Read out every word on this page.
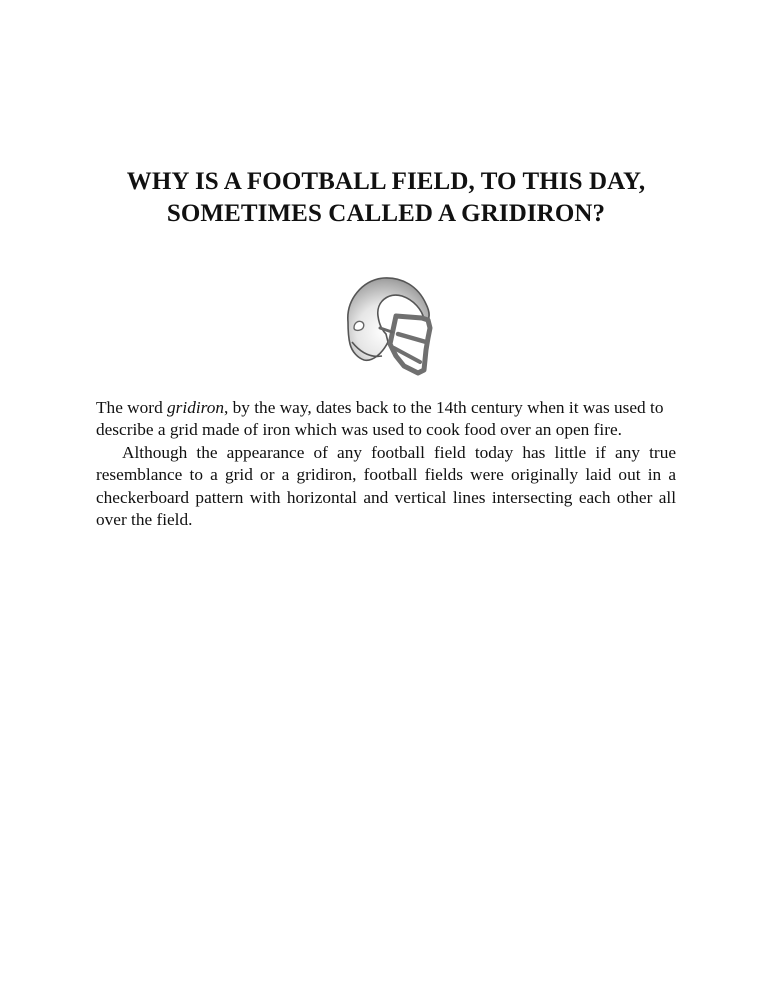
WHY IS A FOOTBALL FIELD, TO THIS DAY,
SOMETIMES CALLED A GRIDIRON?

The word gridiron, by the way, dates back to the 14th century when it was used to describe a grid made of iron which was used to cook food over an open fire.

Although the appearance of any football field today has little if any true resemblance to a grid or a gridiron, football fields were originally laid out in a checkerboard pattern with horizontal and vertical lines intersecting each other all over the field.
